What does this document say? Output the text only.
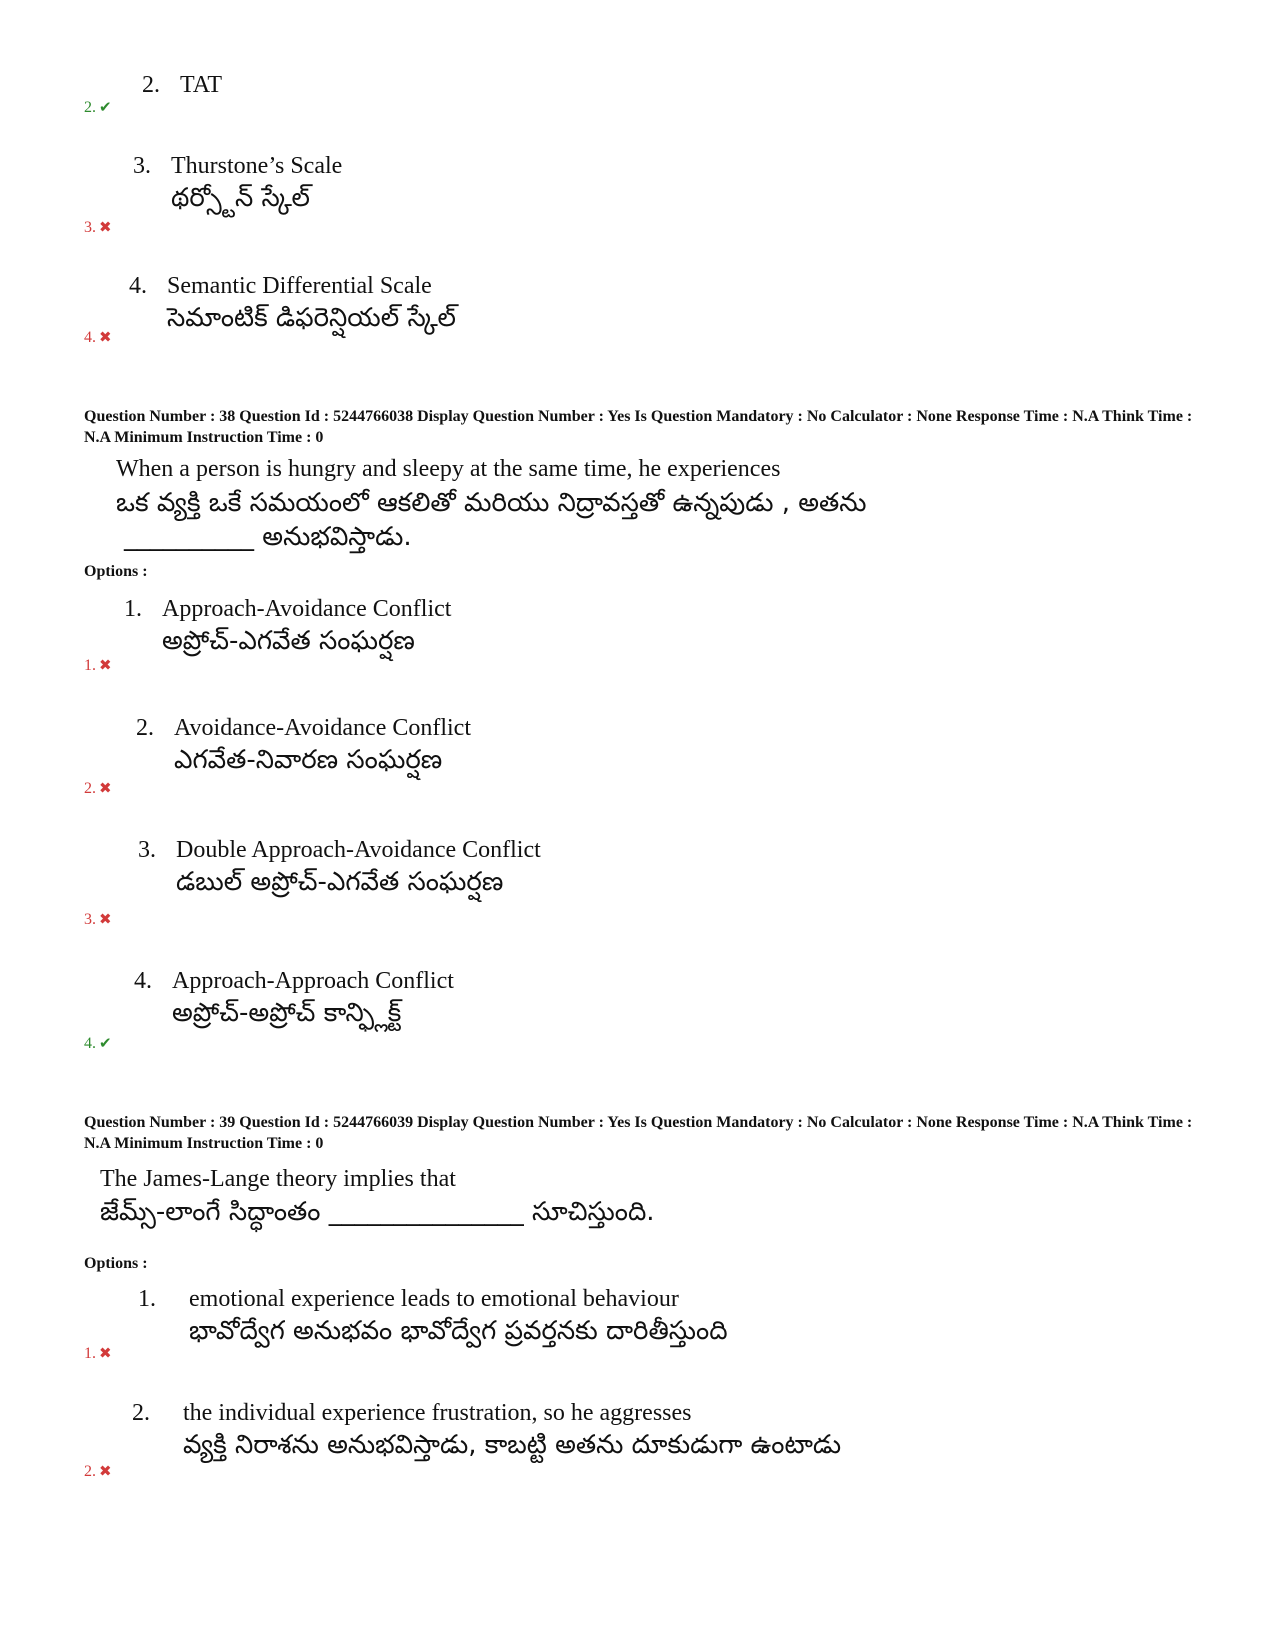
2. TAT
2. ✔
3. Thurstone’s Scale
థర్స్టోన్ స్కేల్
3. ✖
4. Semantic Differential Scale
సెమాంటిక్ డిఫరెన్షియల్ స్కేల్
4. ✖
Question Number : 38 Question Id : 5244766038 Display Question Number : Yes Is Question Mandatory : No Calculator : None Response Time : N.A Think Time : N.A Minimum Instruction Time : 0
When a person is hungry and sleepy at the same time, he experiences
ఒక వ్యక్తి ఒకే సమయంలో ఆకలితో మరియు నిద్రావస్తతో ఉన్నపుడు , అతను
__________ అనుభవిస్తాడు.
Options :
1. Approach-Avoidance Conflict
అప్రోచ్-ఎగవేత సంఘర్షణ
1. ✖
2. Avoidance-Avoidance Conflict
ఎగవేత-నివారణ సంఘర్షణ
2. ✖
3. Double Approach-Avoidance Conflict
డబుల్ అప్రోచ్-ఎగవేత సంఘర్షణ
3. ✖
4. Approach-Approach Conflict
అప్రోచ్-అప్రోచ్ కాన్ఫ్లిక్ట్
4. ✔
Question Number : 39 Question Id : 5244766039 Display Question Number : Yes Is Question Mandatory : No Calculator : None Response Time : N.A Think Time : N.A Minimum Instruction Time : 0
The James-Lange theory implies that
జేమ్స్-లాంగే సిద్ధాంతం _______________ సూచిస్తుంది.
Options :
1. emotional experience leads to emotional behaviour
భావోద్వేగ అనుభవం భావోద్వేగ ప్రవర్తనకు దారితీస్తుంది
1. ✖
2. the individual experience frustration, so he aggresses
వ్యక్తి నిరాశను అనుభవిస్తాడు, కాబట్టి అతను దూకుడుగా ఉంటాడు
2. ✖
